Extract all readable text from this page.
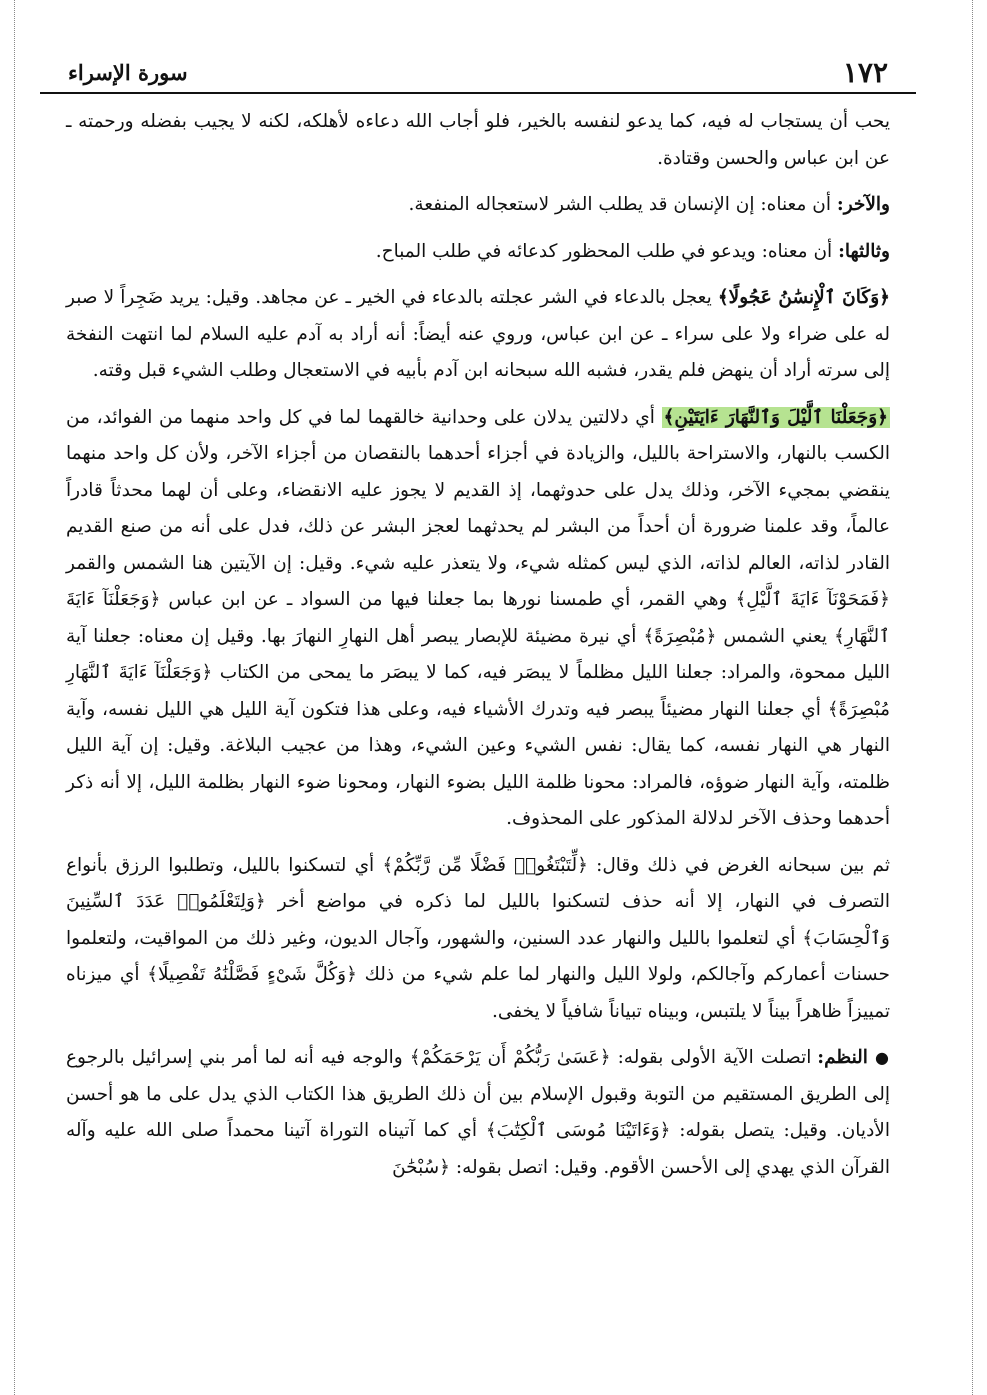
١٧٢
سورة الإسراء

يحب أن يستجاب له فيه، كما يدعو لنفسه بالخير، فلو أجاب الله دعاءه لأهلكه، لكنه لا يجيب بفضله ورحمته ـ عن ابن عباس والحسن وقتادة.

والآخر: أن معناه: إن الإنسان قد يطلب الشر لاستعجاله المنفعة.

وثالثها: أن معناه: ويدعو في طلب المحظور كدعائه في طلب المباح.

﴿وَكَانَ ٱلْإِنسَٰنُ عَجُولًا﴾ يعجل بالدعاء في الشر عجلته بالدعاء في الخير ـ عن مجاهد. وقيل: يريد ضَجِراً لا صبر له على ضراء ولا على سراء ـ عن ابن عباس، وروي عنه أيضاً: أنه أراد به آدم عليه السلام لما انتهت النفخة إلى سرته أراد أن ينهض فلم يقدر، فشبه الله سبحانه ابن آدم بأبيه في الاستعجال وطلب الشيء قبل وقته.

﴿وَجَعَلْنَا ٱلَّيْلَ وَٱلنَّهَارَ ءَايَتَيْنِ﴾ أي دلالتين يدلان على وحدانية خالقهما لما في كل واحد منهما من الفوائد، من الكسب بالنهار، والاستراحة بالليل، والزيادة في أجزاء أحدهما بالنقصان من أجزاء الآخر، ولأن كل واحد منهما ينقضي بمجيء الآخر، وذلك يدل على حدوثهما، إذ القديم لا يجوز عليه الانقضاء، وعلى أن لهما محدثاً قادراً عالماً، وقد علمنا ضرورة أن أحداً من البشر لم يحدثهما لعجز البشر عن ذلك، فدل على أنه من صنع القديم القادر لذاته، العالم لذاته، الذي ليس كمثله شيء، ولا يتعذر عليه شيء. وقيل: إن الآيتين هنا الشمس والقمر ﴿فَمَحَوْنَآ ءَايَةَ ٱلَّيْلِ﴾ وهي القمر، أي طمسنا نورها بما جعلنا فيها من السواد ـ عن ابن عباس ﴿وَجَعَلْنَآ ءَايَةَ ٱلنَّهَارِ﴾ يعني الشمس ﴿مُبْصِرَةً﴾ أي نيرة مضيئة للإبصار يبصر أهل النهارِ النهارَ بها. وقيل إن معناه: جعلنا آية الليل ممحوة، والمراد: جعلنا الليل مظلماً لا يبصَر فيه، كما لا يبصَر ما يمحى من الكتاب ﴿وَجَعَلْنَآ ءَايَةَ ٱلنَّهَارِ مُبْصِرَةً﴾ أي جعلنا النهار مضيئاً يبصر فيه وتدرك الأشياء فيه، وعلى هذا فتكون آية الليل هي الليل نفسه، وآية النهار هي النهار نفسه، كما يقال: نفس الشيء وعين الشيء، وهذا من عجيب البلاغة. وقيل: إن آية الليل ظلمته، وآية النهار ضوؤه، فالمراد: محونا ظلمة الليل بضوء النهار، ومحونا ضوء النهار بظلمة الليل، إلا أنه ذكر أحدهما وحذف الآخر لدلالة المذكور على المحذوف.

ثم بين سبحانه الغرض في ذلك وقال: ﴿لِّتَبْتَغُوا۟ فَضْلًا مِّن رَّبِّكُمْ﴾ أي لتسكنوا بالليل، وتطلبوا الرزق بأنواع التصرف في النهار، إلا أنه حذف لتسكنوا بالليل لما ذكره في مواضع أخر ﴿وَلِتَعْلَمُوا۟ عَدَدَ ٱلسِّنِينَ وَٱلْحِسَابَ﴾ أي لتعلموا بالليل والنهار عدد السنين، والشهور، وآجال الديون، وغير ذلك من المواقيت، ولتعلموا حسنات أعماركم وآجالكم، ولولا الليل والنهار لما علم شيء من ذلك ﴿وَكُلَّ شَىْءٍ فَصَّلْنَٰهُ تَفْصِيلًا﴾ أي ميزناه تمييزاً ظاهراً بيناً لا يلتبس، وبيناه تبياناً شافياً لا يخفى.

● النظم: اتصلت الآية الأولى بقوله: ﴿عَسَىٰ رَبُّكُمْ أَن يَرْحَمَكُمْ﴾ والوجه فيه أنه لما أمر بني إسرائيل بالرجوع إلى الطريق المستقيم من التوبة وقبول الإسلام بين أن ذلك الطريق هذا الكتاب الذي يدل على ما هو أحسن الأديان. وقيل: يتصل بقوله: ﴿وَءَاتَيْنَا مُوسَى ٱلْكِتَٰبَ﴾ أي كما آتيناه التوراة آتينا محمداً صلى الله عليه وآله القرآن الذي يهدي إلى الأحسن الأقوم. وقيل: اتصل بقوله: ﴿سُبْحَٰنَ
